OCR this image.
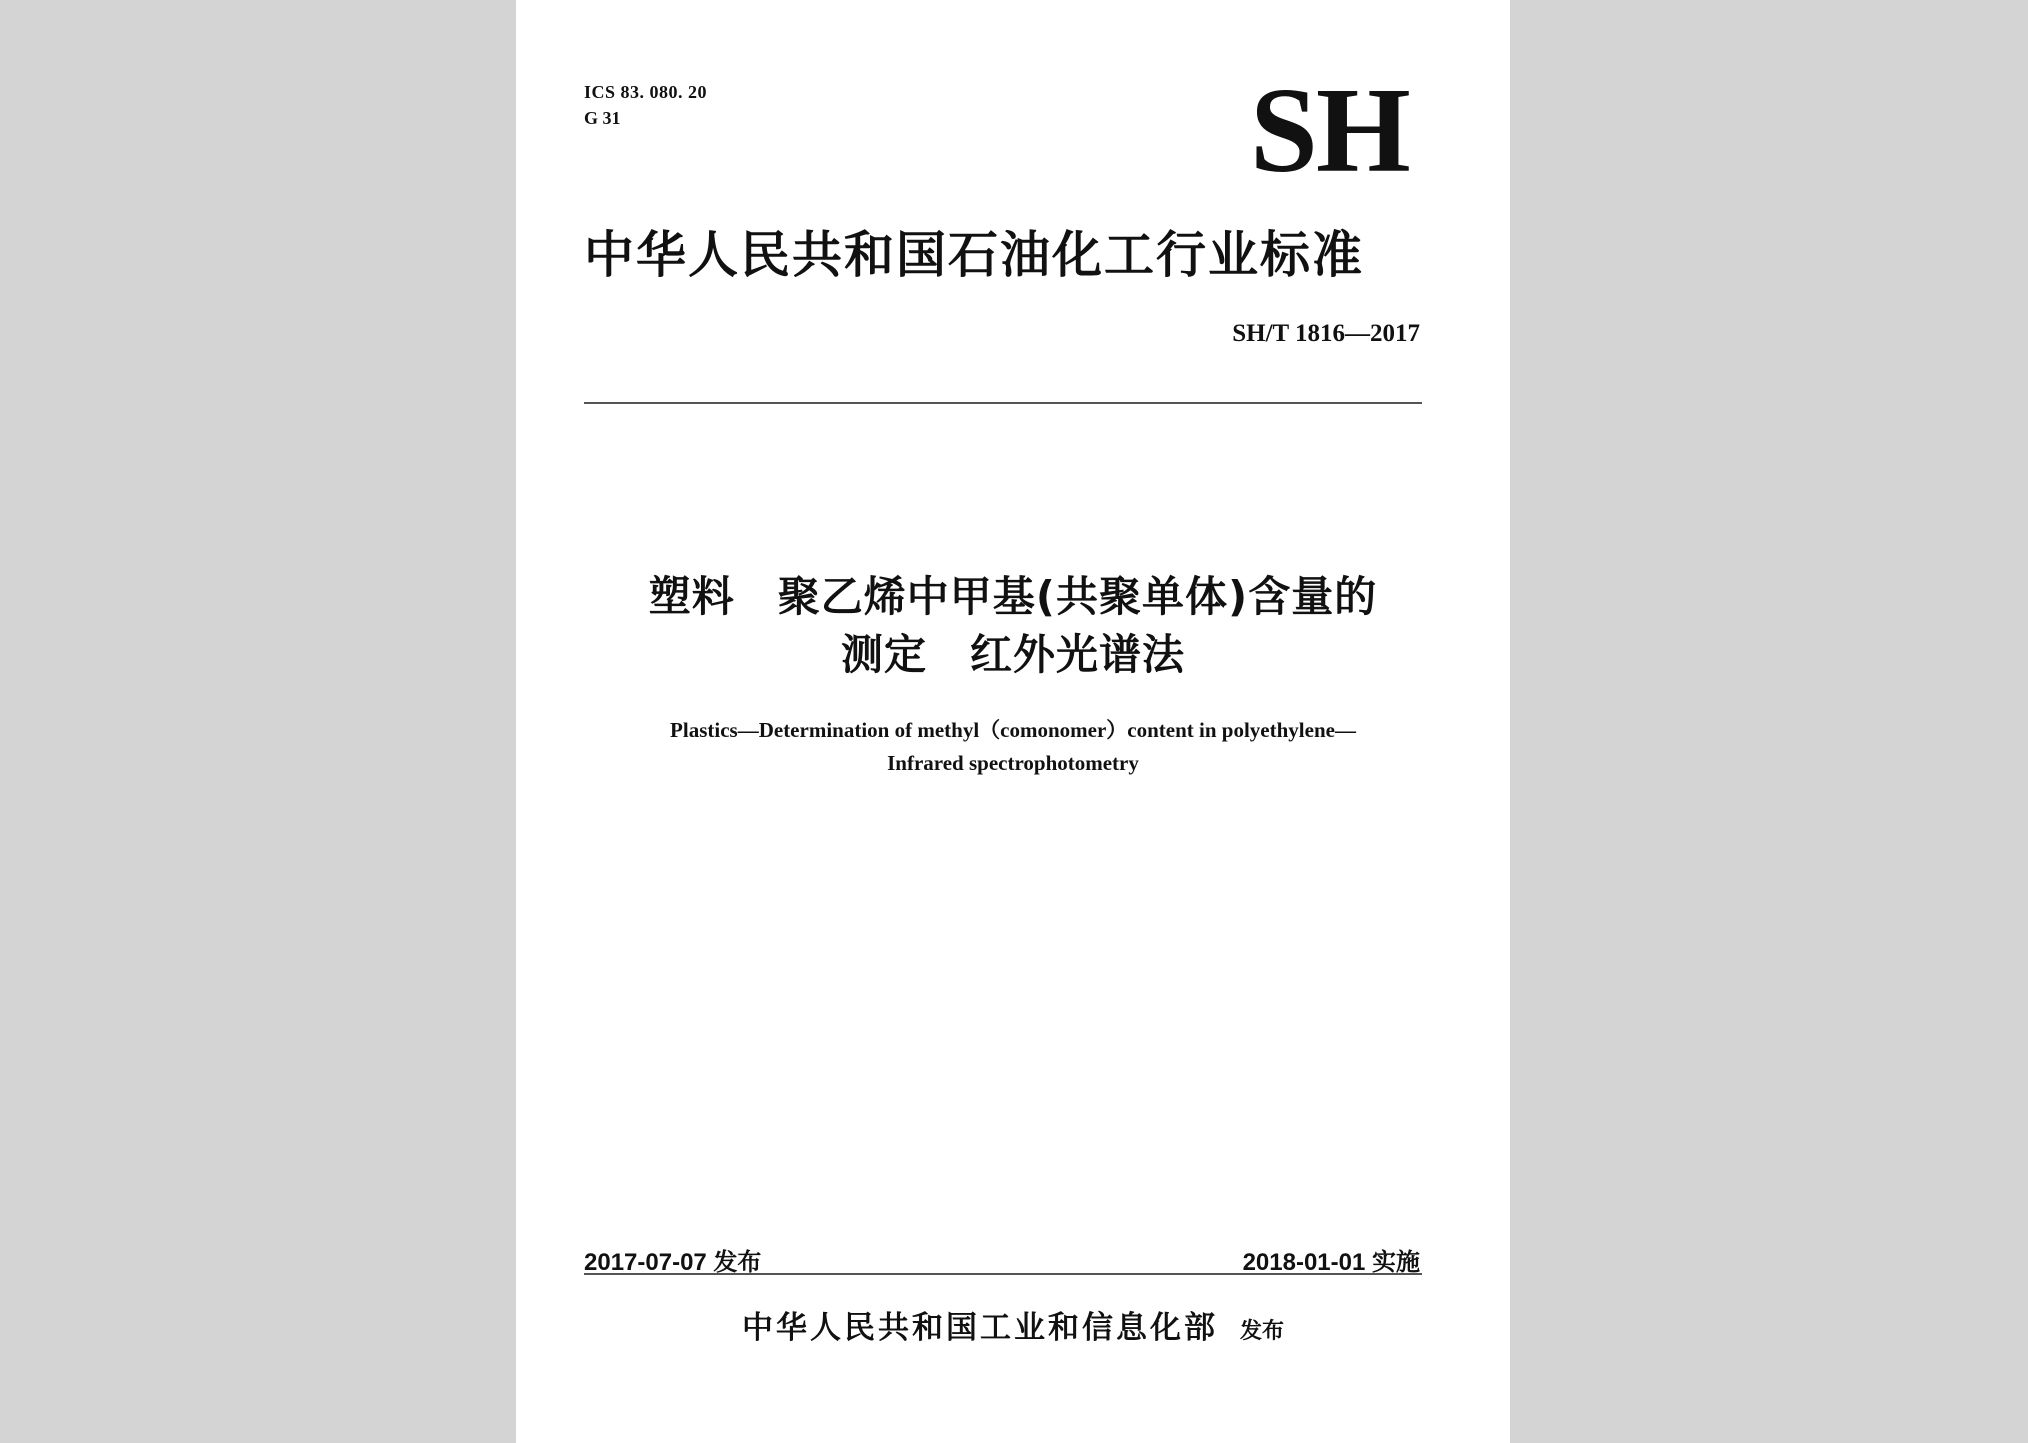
ICS 83. 080. 20
G 31	SH
中华人民共和国石油化工行业标准
SH/T 1816—2017
塑料　聚乙烯中甲基(共聚单体)含量的
测定　红外光谱法
Plastics—Determination of methyl（comonomer）content in polyethylene—
Infrared spectrophotometry
2017-07-07 发布	2018-01-01 实施
中华人民共和国工业和信息化部 发布
